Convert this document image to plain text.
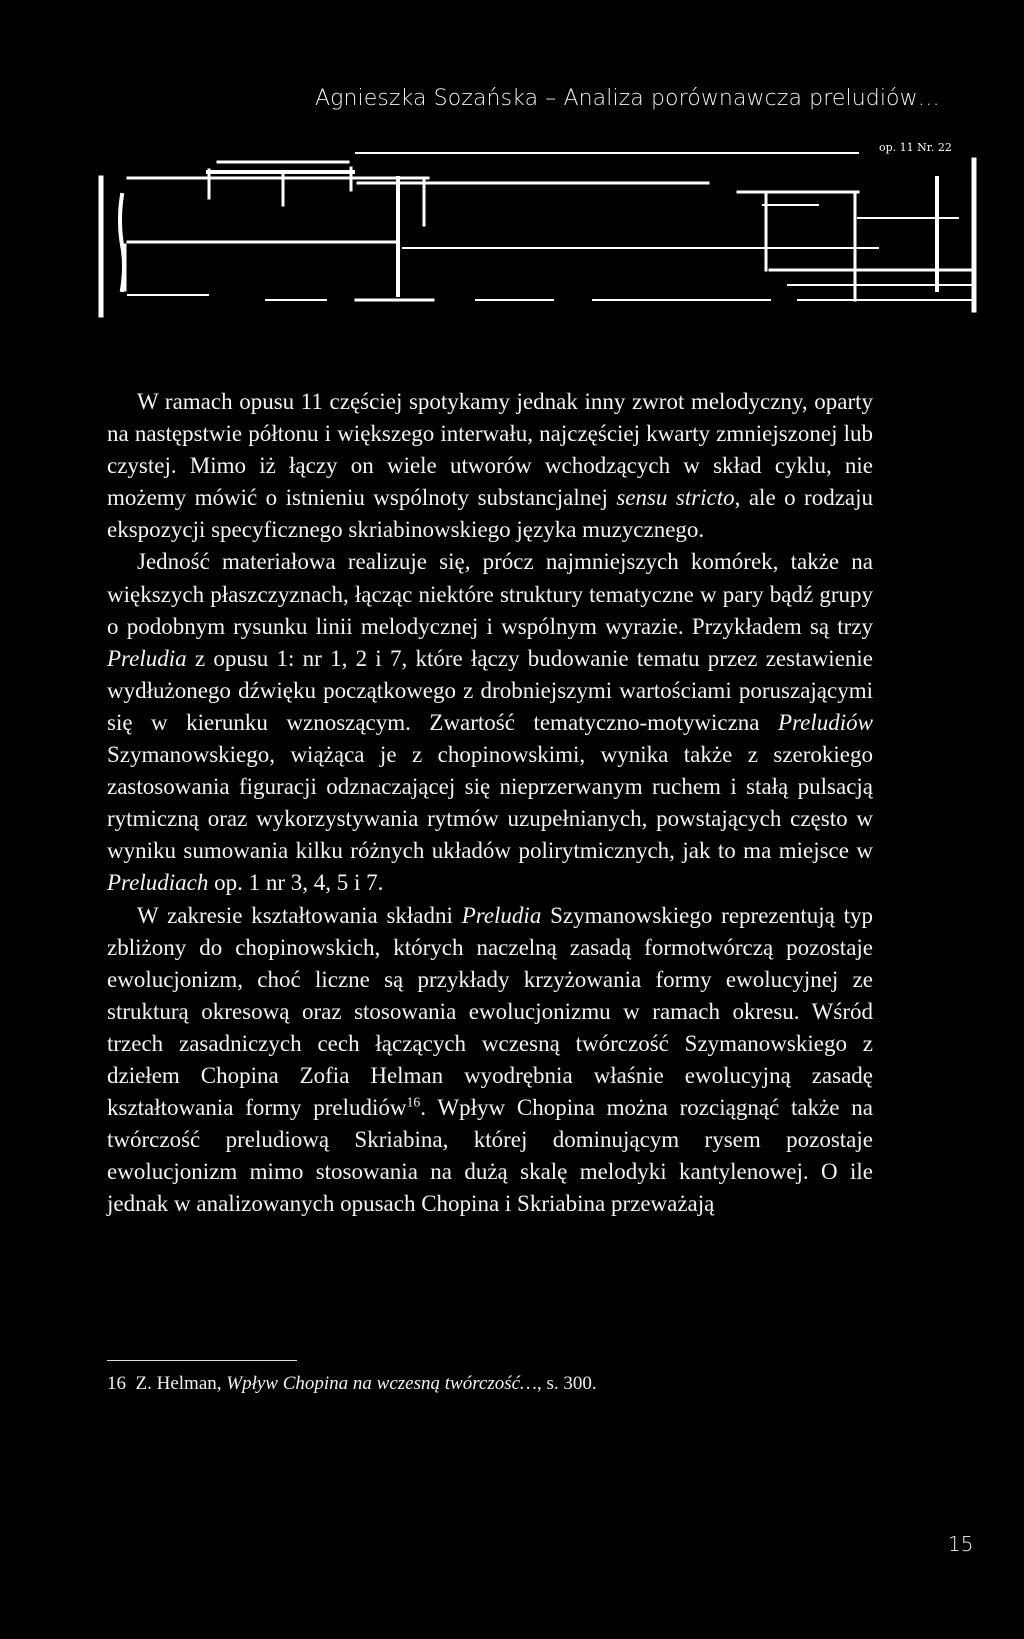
Agnieszka Sozańska – Analiza porównawcza preludiów…
op. 11 Nr. 22

W ramach opusu 11 częściej spotykamy jednak inny zwrot melodyczny, oparty na następstwie półtonu i większego interwału, najczęściej kwarty zmniejszonej lub czystej. Mimo iż łączy on wiele utworów wchodzących w skład cyklu, nie możemy mówić o istnieniu wspólnoty substancjalnej sensu stricto, ale o rodzaju ekspozycji specyficznego skriabinowskiego języka muzycznego.

Jedność materiałowa realizuje się, prócz najmniejszych komórek, także na większych płaszczyznach, łącząc niektóre struktury tematyczne w pary bądź grupy o podobnym rysunku linii melodycznej i wspólnym wyrazie. Przykładem są trzy Preludia z opusu 1: nr 1, 2 i 7, które łączy budowanie tematu przez zestawienie wydłużonego dźwięku początkowego z drobniejszymi wartościami poruszającymi się w kierunku wznoszącym. Zwartość tematyczno-motywiczna Preludiów Szymanowskiego, wiążąca je z chopinowskimi, wynika także z szerokiego zastosowania figuracji odznaczającej się nieprzerwanym ruchem i stałą pulsacją rytmiczną oraz wykorzystywania rytmów uzupełnianych, powstających często w wyniku sumowania kilku różnych układów polirytmicznych, jak to ma miejsce w Preludiach op. 1 nr 3, 4, 5 i 7.

W zakresie kształtowania składni Preludia Szymanowskiego reprezentują typ zbliżony do chopinowskich, których naczelną zasadą formotwórczą pozostaje ewolucjonizm, choć liczne są przykłady krzyżowania formy ewolucyjnej ze strukturą okresową oraz stosowania ewolucjonizmu w ramach okresu. Wśród trzech zasadniczych cech łączących wczesną twórczość Szymanowskiego z dziełem Chopina Zofia Helman wyodrębnia właśnie ewolucyjną zasadę kształtowania formy preludiów$^{16}$. Wpływ Chopina można rozciągnąć także na twórczość preludiową Skriabina, której dominującym rysem pozostaje ewolucjonizm mimo stosowania na dużą skalę melodyki kantylenowej. O ile jednak w analizowanych opusach Chopina i Skriabina przeważają

16 Z. Helman, Wpływ Chopina na wczesną twórczość…, s. 300.
15
